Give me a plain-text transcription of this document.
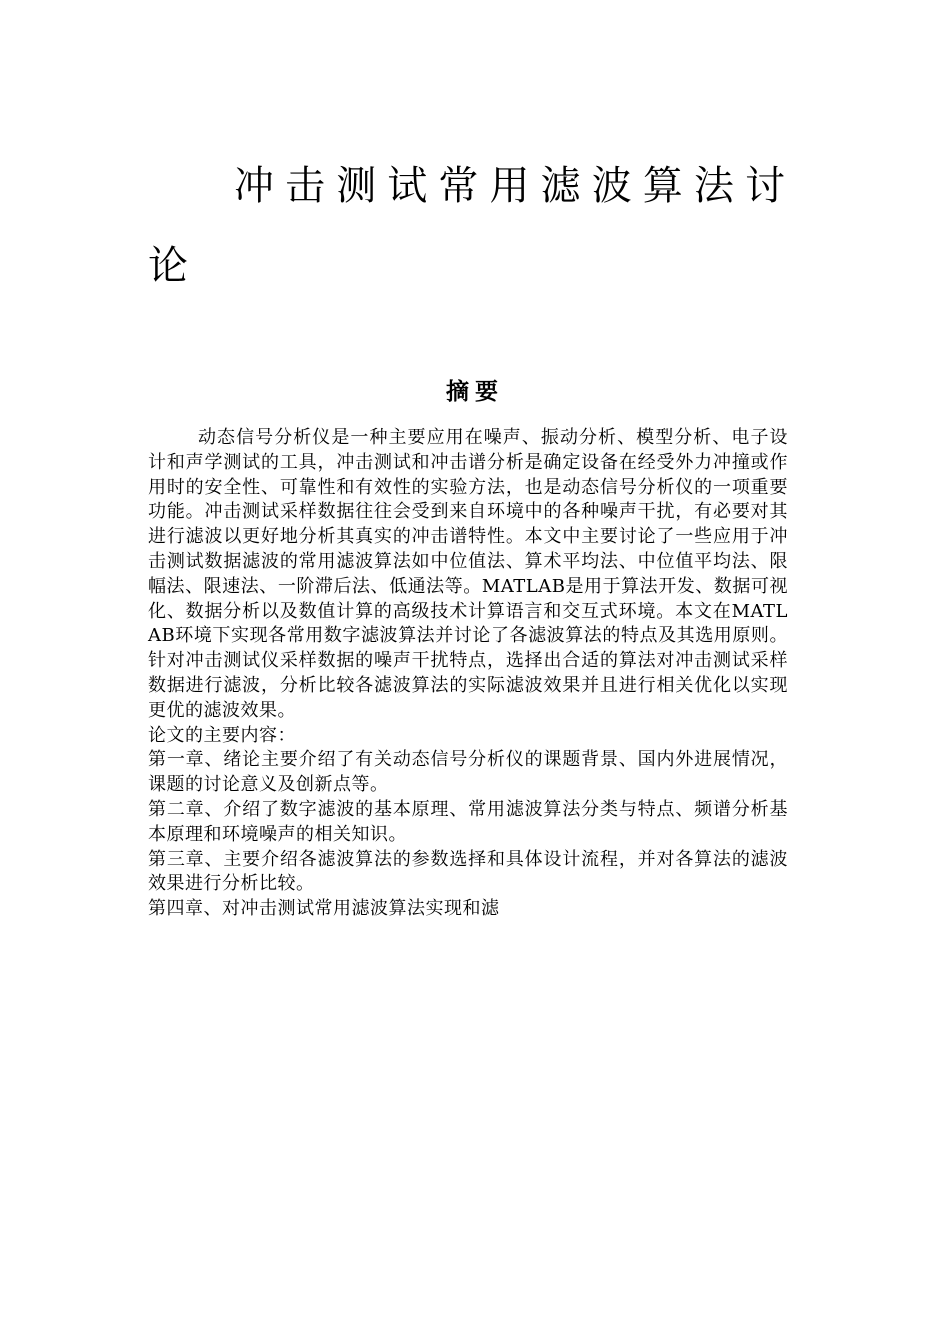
冲击测试常用滤波算法讨论
摘要

动态信号分析仪是一种主要应用在噪声、振动分析、模型分析、电子设计和声学测试的工具，冲击测试和冲击谱分析是确定设备在经受外力冲撞或作用时的安全性、可靠性和有效性的实验方法，也是动态信号分析仪的一项重要功能。冲击测试采样数据往往会受到来自环境中的各种噪声干扰，有必要对其进行滤波以更好地分析其真实的冲击谱特性。本文中主要讨论了一些应用于冲击测试数据滤波的常用滤波算法如中位值法、算术平均法、中位值平均法、限幅法、限速法、一阶滞后法、低通法等。MATLAB是用于算法开发、数据可视化、数据分析以及数值计算的高级技术计算语言和交互式环境。本文在MATLAB环境下实现各常用数字滤波算法并讨论了各滤波算法的特点及其选用原则。针对冲击测试仪采样数据的噪声干扰特点，选择出合适的算法对冲击测试采样数据进行滤波，分析比较各滤波算法的实际滤波效果并且进行相关优化以实现更优的滤波效果。

论文的主要内容：

第一章、绪论主要介绍了有关动态信号分析仪的课题背景、国内外进展情况，课题的讨论意义及创新点等。

第二章、介绍了数字滤波的基本原理、常用滤波算法分类与特点、频谱分析基本原理和环境噪声的相关知识。

第三章、主要介绍各滤波算法的参数选择和具体设计流程，并对各算法的滤波效果进行分析比较。

第四章、对冲击测试常用滤波算法实现和滤
